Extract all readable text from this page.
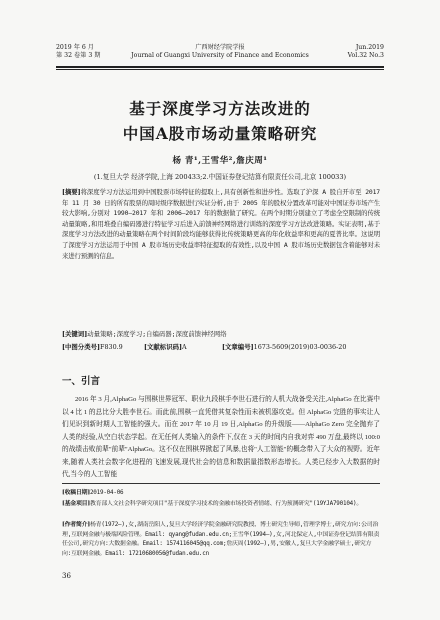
2019 年 6 月
第 32 卷第 3 期
广西财经学院学报
Journal of Guangxi University of Finance and Economics
Jun.2019
Vol.32 No.3
基于深度学习方法改进的
中国A股市场动量策略研究
杨 青¹,王雪华²,詹庆周¹
(1.复旦大学 经济学院,上海 200433;2.中国证券登记结算有限责任公司,北京 100033)
[摘要]将深度学习方法运用到中国股票市场特征的提取上,具有创新性和进步性。选取了沪深 A 股自开市至 2017 年 11 月 30 日的所有股票的周时级序数据进行实证分析,由于 2005 年的股权分置改革可能对中国证券市场产生较大影响,分别对 1990—2017 年和 2006—2017 年的数据做了研究。在两个时期分别建立了考虑全空限制的传统动量策略,和用堆叠自编码器进行特征学习后进入前馈神经网络进行训练的深度学习方法改进策略。实证表明,基于深度学习方法改进的动量策略在两个时间阶段均能够获得比传统策略更高的年化收益率和更高的夏普比率。这说明了深度学习方法运用于中国 A 股市场历史收益率特征提取的有效性,以及中国 A 股市场历史数据包含着能够对未来进行预测的信息。
[关键词]动量策略;深度学习;自编码器;深度前馈神经网络
[中图分类号]F830.9	[文献标识码]A	[文章编号]1673-5609(2019)03-0036-20
一、引言
2016 年 3 月,AlphaGo 与围棋世界冠军、职业九段棋手李世石进行的人机大战备受关注,AlphaGo 在比赛中以 4 比 1 的总比分大胜李世石。而此前,围棋一直凭借其复杂性而未被机器攻克。但 AlphaGo 完胜的事实让人们见识到新时期人工智能的强大。而在 2017 年 10 月 19 日,AlphaGo 的升级版——AlphaGo Zero 完全抛弃了人类的经验,从空白状态学起。在无任何人类输入的条件下,仅在 3 天的时间内自我对弈 490 万盘,最终以 100:0 的战绩击败前辈"前辈"AlphaGo。这不仅在围棋界掀起了风暴,也将"人工智能"的概念带入了大众的视野。近年来,随着人类社会数字化进程的飞速发展,现代社会的信息和数据量指数形态增长。人类已经步入大数据的时代,当今的人工智能
[收稿日期]2019-04-06
[基金项目]教育部人文社会科学研究项目"基于深度学习技术的金融市场投资者情绪、行为预测研究"(19YJA790104)。
[作者简介]杨青(1972—),女,湖南岳阳人,复旦大学经济学院金融研究院教授、博士研究生导师,管理学博士,研究方向:公司治理,互联网金融与极端风险管理。Email: qyang@fudan.edu.cn;王雪华(1994—),女,河北保定人,中国证券登记结算有限责任公司,研究方向:大数据金融。Email: 1574116045@qq.com;詹庆周(1992—),男,安徽人,复旦大学金融学硕士,研究方向:互联网金融。Email: 17210680056@fudan.edu.cn
36
